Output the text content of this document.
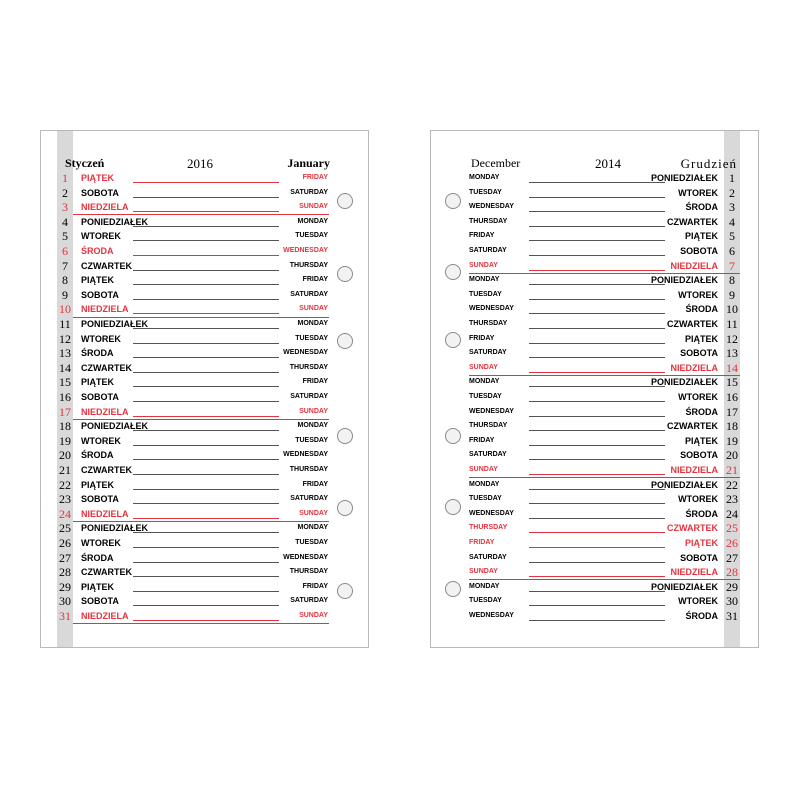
Styczeń	2016	January
1	PIĄTEK	FRIDAY
2	SOBOTA	SATURDAY
3	NIEDZIELA	SUNDAY
4	PONIEDZIAŁEK	MONDAY
5	WTOREK	TUESDAY
6	ŚRODA	WEDNESDAY
7	CZWARTEK	THURSDAY
8	PIĄTEK	FRIDAY
9	SOBOTA	SATURDAY
10 NIEDZIELA	SUNDAY
11 PONIEDZIAŁEK	MONDAY
12 WTOREK	TUESDAY
13 ŚRODA	WEDNESDAY
14 CZWARTEK	THURSDAY
15 PIĄTEK	FRIDAY
16 SOBOTA	SATURDAY
17 NIEDZIELA	SUNDAY
18 PONIEDZIAŁEK	MONDAY
19 WTOREK	TUESDAY
20 ŚRODA	WEDNESDAY
21 CZWARTEK	THURSDAY
22 PIĄTEK	FRIDAY
23 SOBOTA	SATURDAY
24 NIEDZIELA	SUNDAY
25 PONIEDZIAŁEK	MONDAY
26 WTOREK	TUESDAY
27 ŚRODA	WEDNESDAY
28 CZWARTEK	THURSDAY
29 PIĄTEK	FRIDAY
30 SOBOTA	SATURDAY
31 NIEDZIELA	SUNDAY
December	2014	Grudzień
MONDAY	PONIEDZIAŁEK 1
TUESDAY	WTOREK 2
WEDNESDAY	ŚRODA 3
THURSDAY	CZWARTEK 4
FRIDAY	PIĄTEK 5
SATURDAY	SOBOTA 6
SUNDAY	NIEDZIELA 7
MONDAY	PONIEDZIAŁEK 8
TUESDAY	WTOREK 9
WEDNESDAY	ŚRODA 10
THURSDAY	CZWARTEK 11
FRIDAY	PIĄTEK 12
SATURDAY	SOBOTA 13
SUNDAY	NIEDZIELA 14
MONDAY	PONIEDZIAŁEK 15
TUESDAY	WTOREK 16
WEDNESDAY	ŚRODA 17
THURSDAY	CZWARTEK 18
FRIDAY	PIĄTEK 19
SATURDAY	SOBOTA 20
SUNDAY	NIEDZIELA 21
MONDAY	PONIEDZIAŁEK 22
TUESDAY	WTOREK 23
WEDNESDAY	ŚRODA 24
THURSDAY	CZWARTEK 25
FRIDAY	PIĄTEK 26
SATURDAY	SOBOTA 27
SUNDAY	NIEDZIELA 28
MONDAY	PONIEDZIAŁEK 29
TUESDAY	WTOREK 30
WEDNESDAY	ŚRODA 31
